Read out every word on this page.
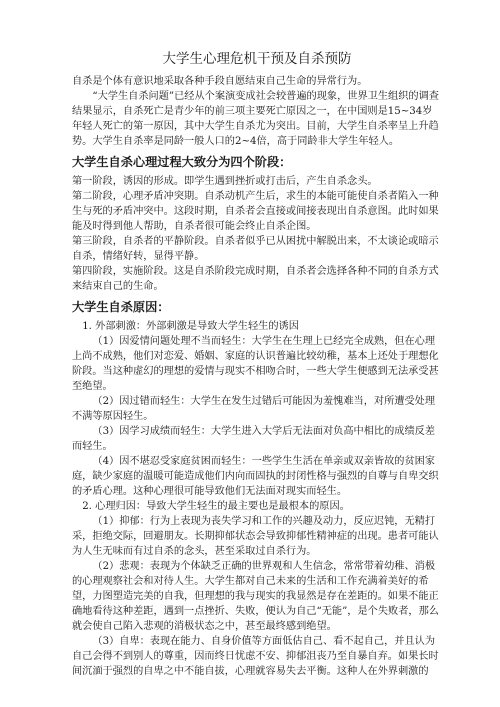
大学生心理危机干预及自杀预防

自杀是个体有意识地采取各种手段自愿结束自己生命的异常行为。

“大学生自杀问题”已经从个案演变成社会较普遍的现象，世界卫生组织的调查结果显示，自杀死亡是青少年的前三项主要死亡原因之一，在中国则是15~34岁年轻人死亡的第一原因，其中大学生自杀尤为突出。目前，大学生自杀率呈上升趋势。大学生自杀率是同龄一般人口的2~4倍，高于同龄非大学生年轻人。

大学生自杀心理过程大致分为四个阶段：

第一阶段，诱因的形成。即学生遇到挫折或打击后，产生自杀念头。

第二阶段，心理矛盾冲突期。自杀动机产生后，求生的本能可能使自杀者陷入一种生与死的矛盾冲突中。这段时期，自杀者会直接或间接表现出自杀意图。此时如果能及时得到他人帮助，自杀者很可能会终止自杀企图。

第三阶段，自杀者的平静阶段。自杀者似乎已从困扰中解脱出来，不太谈论或暗示自杀，情绪好转，显得平静。

第四阶段，实施阶段。这是自杀阶段完成时期，自杀者会选择各种不同的自杀方式来结束自己的生命。

大学生自杀原因：

1. 外部刺激：外部刺激是导致大学生轻生的诱因

（1）因爱情问题处理不当而轻生：大学生在生理上已经完全成熟，但在心理上尚不成熟，他们对恋爱、婚姻、家庭的认识普遍比较幼稚，基本上还处于理想化阶段。当这种虚幻的理想的爱情与现实不相吻合时，一些大学生便感到无法承受甚至绝望。

（2）因过错而轻生：大学生在发生过错后可能因为羞愧难当，对所遭受处理不满等原因轻生。

（3）因学习成绩而轻生：大学生进入大学后无法面对负高中相比的成绩反差而轻生。

（4）因不堪忍受家庭贫困而轻生：一些学生生活在单亲或双亲皆故的贫困家庭，缺少家庭的温暖可能造成他们内向而固执的封闭性格与强烈的自尊与自卑交织的矛盾心理。这种心理很可能导致他们无法面对现实而轻生。

2. 心理归因：导致大学生轻生的最主要也是最根本的原因。

（1）抑郁：行为上表现为丧失学习和工作的兴趣及动力，反应迟钝，无精打采，拒绝交际，回避朋友。长期抑郁状态会导致抑郁性精神症的出现。患者可能认为人生无味而有过自杀的念头，甚至采取过自杀行为。

（2）悲观：表现为个体缺乏正确的世界观和人生信念，常常带着幼稚、消极的心理观察社会和对待人生。大学生都对自己未来的生活和工作充满着美好的希望，力图塑造完美的自我，但理想的我与现实的我显然是存在差距的。如果不能正确地看待这种差距，遇到一点挫折、失败，便认为自己“无能”，是个失败者，那么就会使自己陷入悲观的消极状态之中，甚至最终感到绝望。

（3）自卑：表现在能力、自身价值等方面低估自己、看不起自己，并且认为自己会得不到别人的尊重，因而终日忧虑不安、抑郁沮丧乃至自暴自弃。如果长时间沉湎于强烈的自卑之中不能自拔，心理就容易失去平衡。这种人在外界刺激的
